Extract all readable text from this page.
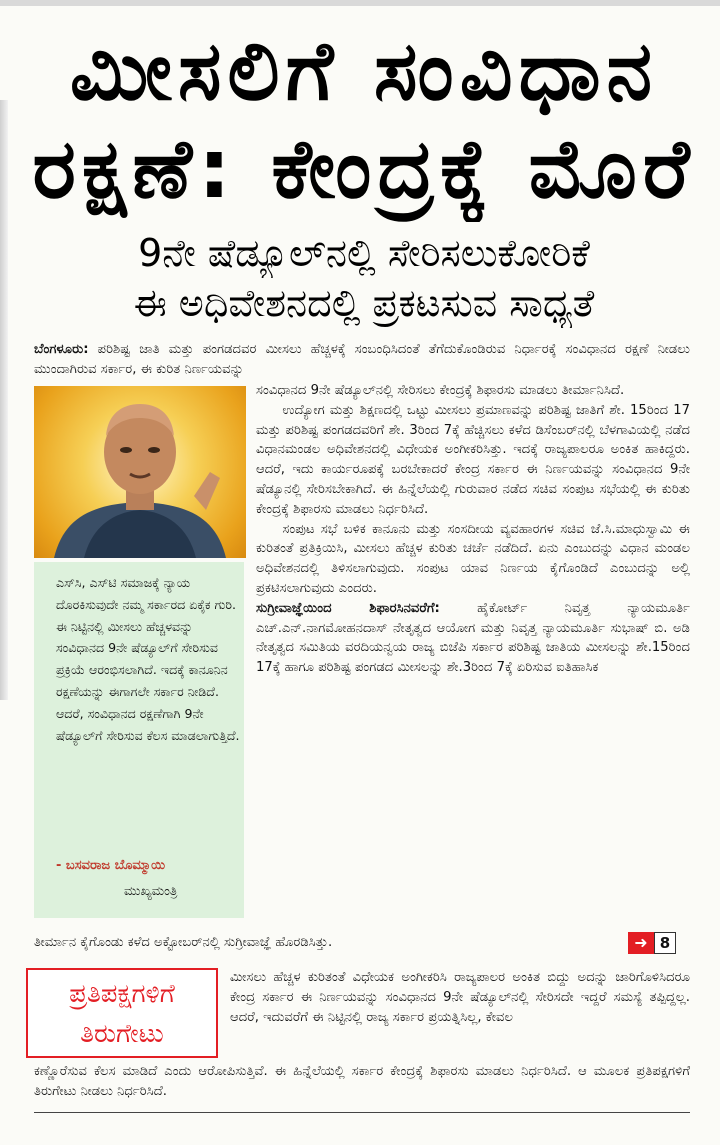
ಮೀಸಲಿಗೆ ಸಂವಿಧಾನ
ರಕ್ಷಣೆ: ಕೇಂದ್ರಕ್ಕೆ ಮೊರೆ
9ನೇ ಷೆಡ್ಯೂಲ್‌ನಲ್ಲಿ ಸೇರಿಸಲುಕೋರಿಕೆ
ಈ ಅಧಿವೇಶನದಲ್ಲಿ ಪ್ರಕಟಸುವ ಸಾಧ್ಯತೆ
ಬೆಂಗಳೂರು: ಪರಿಶಿಷ್ಟ ಜಾತಿ ಮತ್ತು ಪಂಗಡದವರ ಮೀಸಲು ಹೆಚ್ಚಳಕ್ಕೆ ಸಂಬಂಧಿಸಿದಂತೆ ತೆಗೆದುಕೊಂಡಿರುವ ನಿರ್ಧಾರಕ್ಕೆ ಸಂವಿಧಾನದ ರಕ್ಷಣೆ ನೀಡಲು ಮುಂದಾಗಿರುವ ಸರ್ಕಾರ, ಈ ಕುರಿತ ನಿರ್ಣಯವನ್ನು
ಎಸ್‌ಸಿ, ಎಸ್‌ಟಿ ಸಮಾಜಕ್ಕೆ ನ್ಯಾಯ ದೊರಕಿಸುವುದೇ ನಮ್ಮ ಸರ್ಕಾರದ ಏಕೈಕ ಗುರಿ. ಈ ನಿಟ್ಟಿನಲ್ಲಿ ಮೀಸಲು ಹೆಚ್ಚಳವನ್ನು ಸಂವಿಧಾನದ 9ನೇ ಷೆಡ್ಯೂಲ್‌ಗೆ ಸೇರಿಸುವ ಪ್ರಕ್ರಿಯೆ ಆರಂಭಿಸಲಾಗಿದೆ. ಇದಕ್ಕೆ ಕಾನೂನಿನ ರಕ್ಷಣೆಯನ್ನು ಈಗಾಗಲೇ ಸರ್ಕಾರ ನೀಡಿದೆ. ಆದರೆ, ಸಂವಿಧಾನದ ರಕ್ಷಣೆಗಾಗಿ 9ನೇ ಷೆಡ್ಯೂಲ್‌ಗೆ ಸೇರಿಸುವ ಕೆಲಸ ಮಾಡಲಾಗುತ್ತಿದೆ.
- ಬಸವರಾಜ ಬೊಮ್ಮಾಯಿ
ಮುಖ್ಯಮಂತ್ರಿ
ಸಂವಿಧಾನದ 9ನೇ ಷೆಡ್ಯೂಲ್‌ನಲ್ಲಿ ಸೇರಿಸಲು ಕೇಂದ್ರಕ್ಕೆ ಶಿಫಾರಸು ಮಾಡಲು ತೀರ್ಮಾನಿಸಿದೆ.
  ಉದ್ಯೋಗ ಮತ್ತು ಶಿಕ್ಷಣದಲ್ಲಿ ಒಟ್ಟು ಮೀಸಲು ಪ್ರಮಾಣವನ್ನು ಪರಿಶಿಷ್ಟ ಜಾತಿಗೆ ಶೇ. 15ರಿಂದ 17 ಮತ್ತು ಪರಿಶಿಷ್ಟ ಪಂಗಡದವರಿಗೆ ಶೇ. 3ರಿಂದ 7ಕ್ಕೆ ಹೆಚ್ಚಿಸಲು ಕಳೆದ ಡಿಸೆಂಬರ್‌ನಲ್ಲಿ ಬೆಳಗಾವಿಯಲ್ಲಿ ನಡೆದ ವಿಧಾನಮಂಡಲ ಅಧಿವೇಶನದಲ್ಲಿ ವಿಧೇಯಕ ಅಂಗೀಕರಿಸಿತ್ತು. ಇದಕ್ಕೆ ರಾಜ್ಯಪಾಲರೂ ಅಂಕಿತ ಹಾಕಿದ್ದರು. ಆದರೆ, ಇದು ಕಾರ್ಯರೂಪಕ್ಕೆ ಬರಬೇಕಾದರೆ ಕೇಂದ್ರ ಸರ್ಕಾರ ಈ ನಿರ್ಣಯವನ್ನು ಸಂವಿಧಾನದ 9ನೇ ಷೆಡ್ಯೂನಲ್ಲಿ ಸೇರಿಸಬೇಕಾಗಿದೆ. ಈ ಹಿನ್ನೆಲೆಯಲ್ಲಿ ಗುರುವಾರ ನಡೆದ ಸಚಿವ ಸಂಪುಟ ಸಭೆಯಲ್ಲಿ ಈ ಕುರಿತು ಕೇಂದ್ರಕ್ಕೆ ಶಿಫಾರಸು ಮಾಡಲು ನಿರ್ಧರಿಸಿದೆ.
  ಸಂಪುಟ ಸಭೆ ಬಳಿಕ ಕಾನೂನು ಮತ್ತು ಸಂಸದೀಯ ವ್ಯವಹಾರಗಳ ಸಚಿವ ಜೆ.ಸಿ.ಮಾಧುಸ್ವಾಮಿ ಈ ಕುರಿತಂತೆ ಪ್ರತಿಕ್ರಿಯಿಸಿ, ಮೀಸಲು ಹೆಚ್ಚಳ ಕುರಿತು ಚರ್ಚೆ ನಡೆದಿದೆ. ಏನು ಎಂಬುದನ್ನು ವಿಧಾನ ಮಂಡಲ ಅಧಿವೇಶನದಲ್ಲಿ ತಿಳಿಸಲಾಗುವುದು. ಸಂಪುಟ ಯಾವ ನಿರ್ಣಯ ಕೈಗೊಂಡಿದೆ ಎಂಬುದನ್ನು ಅಲ್ಲಿ ಪ್ರಕಟಿಸಲಾಗುವುದು ಎಂದರು.
ಸುಗ್ರೀವಾಜ್ಞೆಯಿಂದ ಶಿಫಾರಸಿನವರೆಗೆ:	ಹೈಕೋರ್ಟ್ ನಿವೃತ್ತ ನ್ಯಾಯಮೂರ್ತಿ ಎಚ್.ಎನ್.ನಾಗಮೋಹನದಾಸ್ ನೇತೃತ್ವದ ಆಯೋಗ ಮತ್ತು ನಿವೃತ್ತ ನ್ಯಾಯಮೂರ್ತಿ ಸುಭಾಷ್ ಬಿ. ಅಡಿ ನೇತೃತ್ವದ ಸಮಿತಿಯ ವರದಿಯನ್ವಯ ರಾಜ್ಯ ಬಿಜೆಪಿ ಸರ್ಕಾರ ಪರಿಶಿಷ್ಟ ಜಾತಿಯ ಮೀಸಲನ್ನು ಶೇ.15ರಿಂದ 17ಕ್ಕೆ ಹಾಗೂ ಪರಿಶಿಷ್ಟ ಪಂಗಡದ ಮೀಸಲನ್ನು ಶೇ.3ರಿಂದ 7ಕ್ಕೆ ಏರಿಸುವ ಐತಿಹಾಸಿಕ
ತೀರ್ಮಾನ ಕೈಗೊಂಡು ಕಳೆದ ಅಕ್ಟೋಬರ್‌ನಲ್ಲಿ ಸುಗ್ರೀವಾಜ್ಞೆ ಹೊರಡಿಸಿತ್ತು.	➜ 8
ಪ್ರತಿಪಕ್ಷಗಳಿಗೆ
ತಿರುಗೇಟು
ಮೀಸಲು ಹೆಚ್ಚಳ ಕುರಿತಂತೆ ವಿಧೇಯಕ ಅಂಗೀಕರಿಸಿ ರಾಜ್ಯಪಾಲರ ಅಂಕಿತ ಬಿದ್ದು ಅದನ್ನು ಜಾರಿಗೊಳಿಸಿದರೂ ಕೇಂದ್ರ ಸರ್ಕಾರ ಈ ನಿರ್ಣಯವನ್ನು ಸಂವಿಧಾನದ 9ನೇ ಷೆಡ್ಯೂಲ್‌ನಲ್ಲಿ ಸೇರಿಸದೇ ಇದ್ದರೆ ಸಮಸ್ಯೆ ತಪ್ಪಿದ್ದಲ್ಲ. ಆದರೆ, ಇದುವರೆಗೆ ಈ ನಿಟ್ಟಿನಲ್ಲಿ ರಾಜ್ಯ ಸರ್ಕಾರ ಪ್ರಯತ್ನಿಸಿಲ್ಲ, ಕೇವಲ
ಕಣ್ಣೊರೆಸುವ ಕೆಲಸ ಮಾಡಿದೆ ಎಂದು ಆರೋಪಿಸುತ್ತಿವೆ. ಈ ಹಿನ್ನೆಲೆಯಲ್ಲಿ ಸರ್ಕಾರ ಕೇಂದ್ರಕ್ಕೆ ಶಿಫಾರಸು ಮಾಡಲು ನಿರ್ಧರಿಸಿದೆ. ಆ ಮೂಲಕ ಪ್ರತಿಪಕ್ಷಗಳಿಗೆ ತಿರುಗೇಟು ನೀಡಲು ನಿರ್ಧರಿಸಿದೆ.
